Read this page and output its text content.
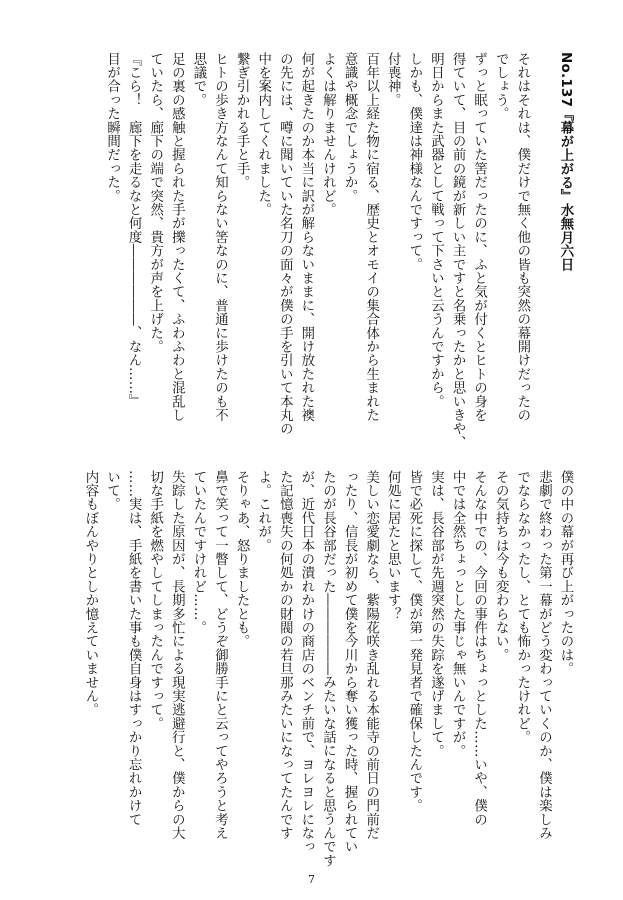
No.137『幕が上がる』水無月六日

それはそれは、僕だけで無く他の皆も突然の幕開けだったの
でしょう。
ずっと眠っていた筈だったのに、ふと気が付くとヒトの身を
得ていて、目の前の鏡が新しい主ですと名乗ったかと思いきや、
明日からまた武器として戦って下さいと云うんですから。
しかも、僕達は神様なんですって。
付喪神。
百年以上経た物に宿る、歴史とオモイの集合体から生まれた
意識や概念でしょうか。
よくは解りませんけれど。
何が起きたのか本当に訳が解らないままに、開け放たれた襖
の先には、噂に聞いていた名刀の面々が僕の手を引いて本丸の
中を案内してくれました。
繋ぎ引かれる手と手。
ヒトの歩き方なんて知らない筈なのに、普通に歩けたのも不
思議で。
足の裏の感触と握られた手が擽ったくて、ふわふわと混乱し
ていたら、廊下の端で突然、貴方が声を上げた。
『こら！　廊下を走るなと何度――――――、なん……』
目が合った瞬間だった。
僕の中の幕が再び上がったのは。
悲劇で終わった第一幕がどう変わっていくのか、僕は楽しみ
でならなかったし、とても怖かったけれど。
その気持ちは今も変わらない。
そんな中での、今回の事件はちょっとした……いや、僕の
中では全然ちょっとした事じゃ無いんですが。
実は、長谷部が先週突然の失踪を遂げまして。
皆で必死に探して、僕が第一発見者で確保したんです。
何処に居たと思います？
美しい恋愛劇なら、紫陽花咲き乱れる本能寺の前日の門前だ
ったり、信長が初めて僕を今川から奪い獲った時、握られてい
たのが長谷部だった――――――みたいな話になると思うんです
が、近代日本の潰れかけの商店のベンチ前で、ヨレヨレになっ
た記憶喪失の何処かの財閥の若旦那みたいになってたんです
よ。これが。
そりゃあ、怒りましたとも。
鼻で笑って一瞥して、どうぞ御勝手にと云ってやろうと考え
ていたんですけれど……。
失踪した原因が、長期多忙による現実逃避行と、僕からの大
切な手紙を燃やしてしまったんですって。
……実は、手紙を書いた事も僕自身はすっかり忘れかけて
いて。
内容もぼんやりとしか憶えていません。
7
